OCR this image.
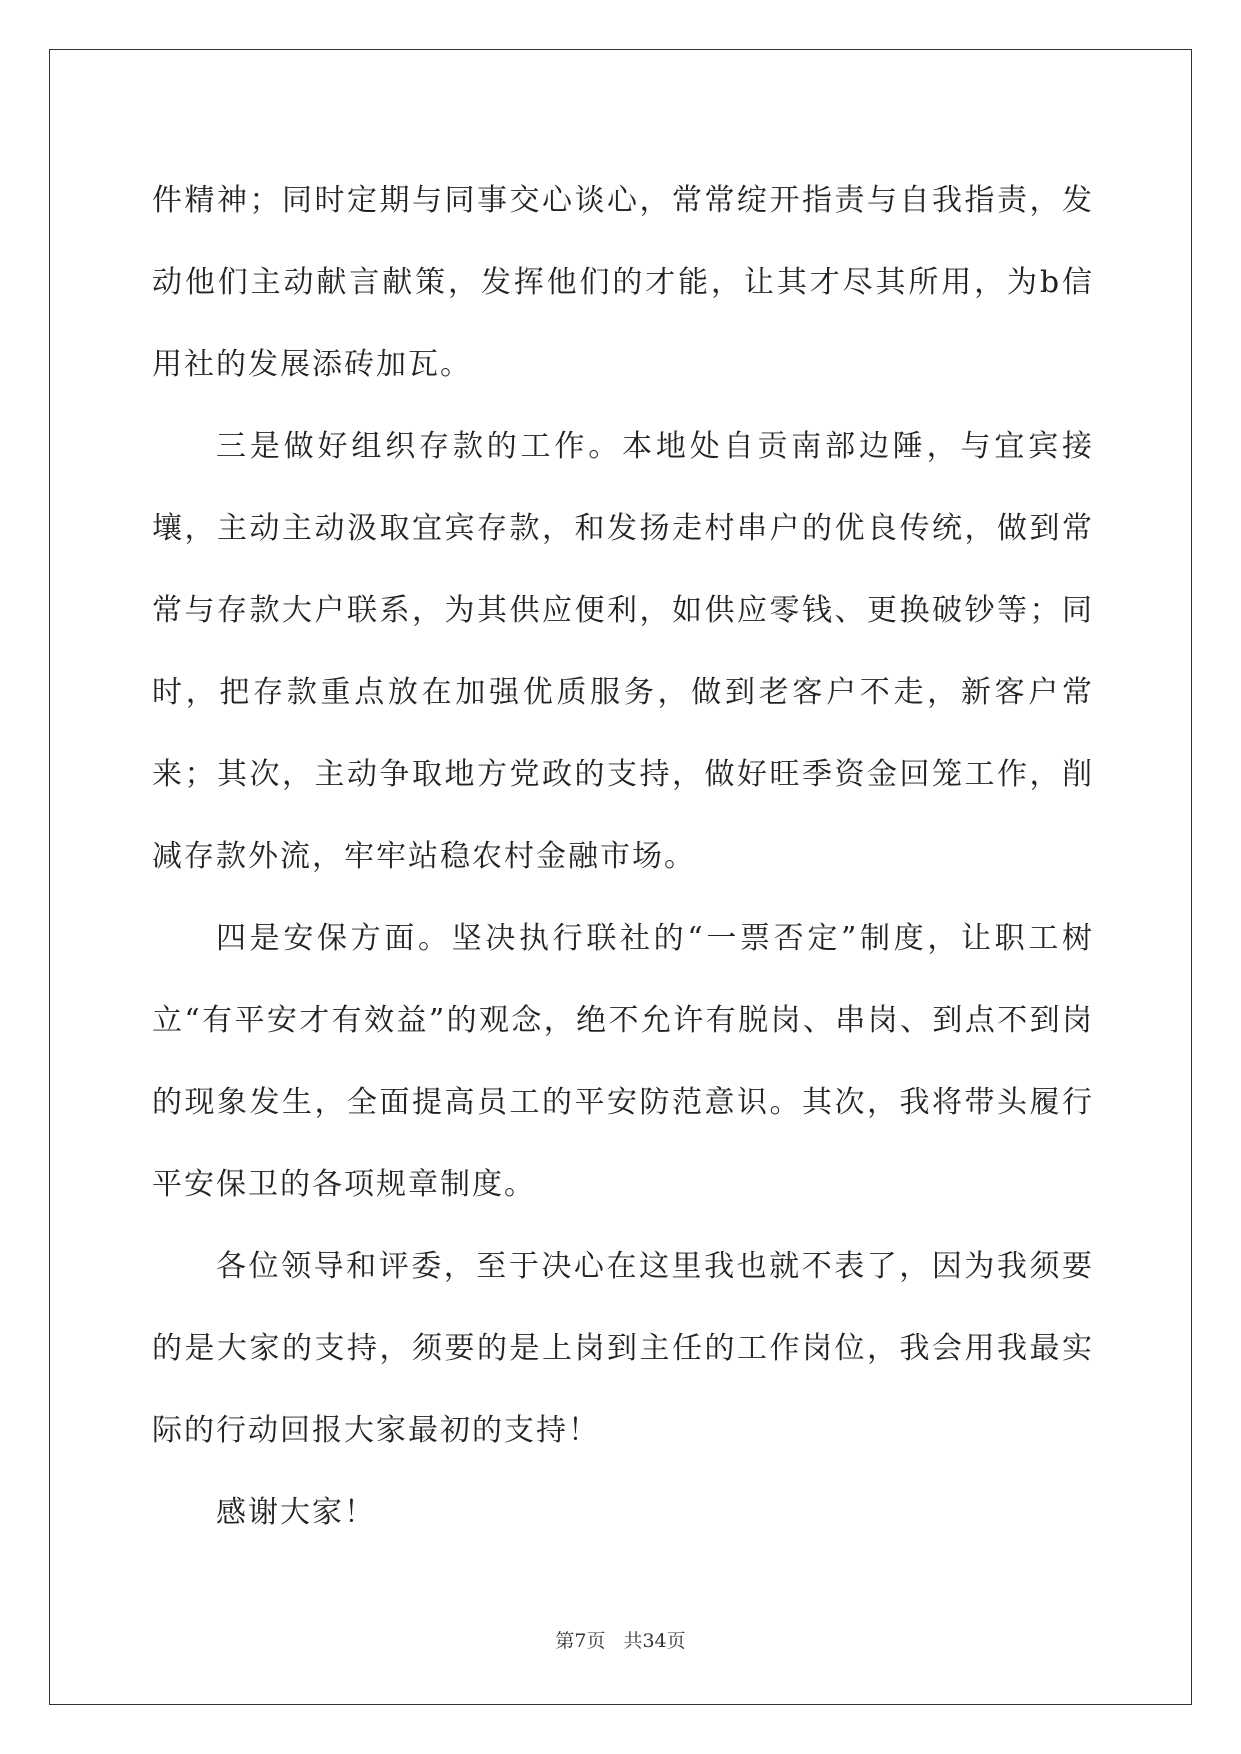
件精神；同时定期与同事交心谈心，常常绽开指责与自我指责，发动他们主动献言献策，发挥他们的才能，让其才尽其所用，为b信用社的发展添砖加瓦。

三是做好组织存款的工作。本地处自贡南部边陲，与宜宾接壤，主动主动汲取宜宾存款，和发扬走村串户的优良传统，做到常常与存款大户联系，为其供应便利，如供应零钱、更换破钞等；同时，把存款重点放在加强优质服务，做到老客户不走，新客户常来；其次，主动争取地方党政的支持，做好旺季资金回笼工作，削减存款外流，牢牢站稳农村金融市场。

四是安保方面。坚决执行联社的“一票否定”制度，让职工树立“有平安才有效益”的观念，绝不允许有脱岗、串岗、到点不到岗的现象发生，全面提高员工的平安防范意识。其次，我将带头履行平安保卫的各项规章制度。

各位领导和评委，至于决心在这里我也就不表了，因为我须要的是大家的支持，须要的是上岗到主任的工作岗位，我会用我最实际的行动回报大家最初的支持！

感谢大家！

第7页 共34页
